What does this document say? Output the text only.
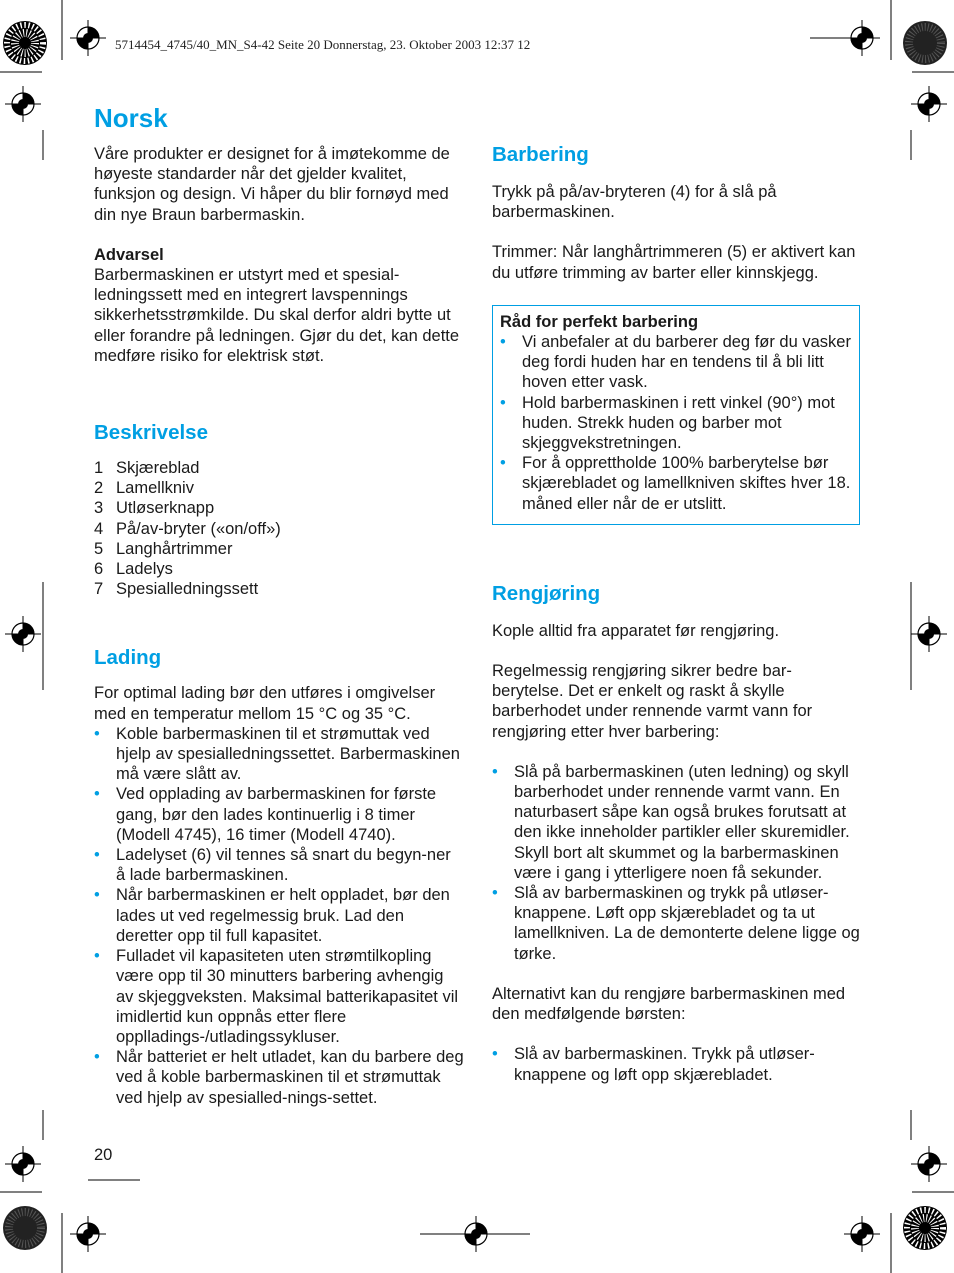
5714454_4745/40_MN_S4-42 Seite 20 Donnerstag, 23. Oktober 2003 12:37 12
Norsk

Våre produkter er designet for å imøtekomme de høyeste standarder når det gjelder kvalitet, funksjon og design. Vi håper du blir fornøyd med din nye Braun barbermaskin.

Advarsel

Barbermaskinen er utstyrt med et spesial-ledningssett med en integrert lavspennings sikkerhetsstrømkilde. Du skal derfor aldri bytte ut eller forandre på ledningen. Gjør du det, kan dette medføre risiko for elektrisk støt.

Beskrivelse
1 Skjæreblad
2 Lamellkniv
3 Utløserknapp
4 På/av-bryter («on/off»)
5 Langhårtrimmer
6 Ladelys
7 Spesialledningssett
Lading

For optimal lading bør den utføres i omgivelser med en temperatur mellom 15 °C og 35 °C.

• Koble barbermaskinen til et strømuttak ved hjelp av spesialledningssettet. Barbermaskinen må være slått av.
• Ved opplading av barbermaskinen for første gang, bør den lades kontinuerlig i 8 timer (Modell 4745), 16 timer (Modell 4740).
• Ladelyset (6) vil tennes så snart du begyn-ner å lade barbermaskinen.
• Når barbermaskinen er helt oppladet, bør den lades ut ved regelmessig bruk. Lad den deretter opp til full kapasitet.
• Fulladet vil kapasiteten uten strømtilkopling være opp til 30 minutters barbering avhengig av skjeggveksten. Maksimal batterikapasitet vil imidlertid kun oppnås etter flere opplladings-/utladingssykluser.
• Når batteriet er helt utladet, kan du barbere deg ved å koble barbermaskinen til et strømuttak ved hjelp av spesialled-nings-settet.
Barbering

Trykk på på/av-bryteren (4) for å slå på barbermaskinen.

Trimmer: Når langhårtrimmeren (5) er aktivert kan du utføre trimming av barter eller kinnskjegg.

Råd for perfekt barbering

• Vi anbefaler at du barberer deg før du vasker deg fordi huden har en tendens til å bli litt hoven etter vask.
• Hold barbermaskinen i rett vinkel (90°) mot huden. Strekk huden og barber mot skjeggvekstretningen.
• For å opprettholde 100% barberytelse bør skjærebladet og lamellkniven skiftes hver 18. måned eller når de er utslitt.
Rengjøring

Kople alltid fra apparatet før rengjøring.

Regelmessig rengjøring sikrer bedre bar-berytelse. Det er enkelt og raskt å skylle barberhodet under rennende varmt vann for rengjøring etter hver barbering:

• Slå på barbermaskinen (uten ledning) og skyll barberhodet under rennende varmt vann. En naturbasert såpe kan også brukes forutsatt at den ikke inneholder partikler eller skuremidler. Skyll bort alt skummet og la barbermaskinen være i gang i ytterligere noen få sekunder.
• Slå av barbermaskinen og trykk på utløser-knappene. Løft opp skjærebladet og ta ut lamellkniven. La de demonterte delene ligge og tørke.

Alternativt kan du rengjøre barbermaskinen med den medfølgende børsten:

• Slå av barbermaskinen. Trykk på utløser-knappene og løft opp skjærebladet.
20
